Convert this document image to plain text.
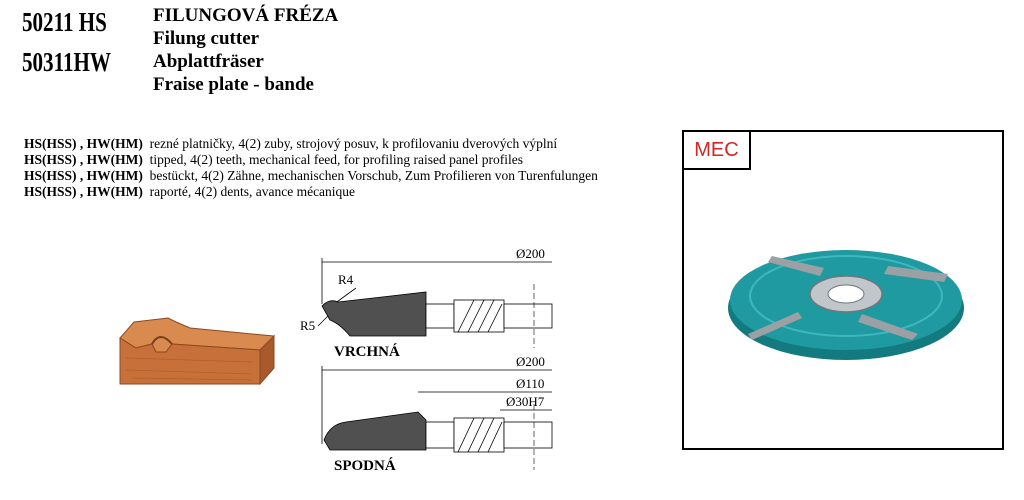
50211 HS
50311HW
FILUNGOVÁ FRÉZA
Filung cutter
Abplattfräser
Fraise plate - bande

HS(HSS) , HW(HM) rezné platničky, 4(2) zuby, strojový posuv, k profilovaniu dverových výplní

HS(HSS) , HW(HM) tipped, 4(2) teeth, mechanical feed, for profiling raised panel profiles

HS(HSS) , HW(HM) bestückt, 4(2) Zähne, mechanischen Vorschub, Zum Profilieren von Turenfulungen

HS(HSS) , HW(HM) raporté, 4(2) dents, avance mécanique

Ø200
R4
R5
VRCHNÁ
Ø200
Ø110
Ø30H7
SPODNÁ
MEC
